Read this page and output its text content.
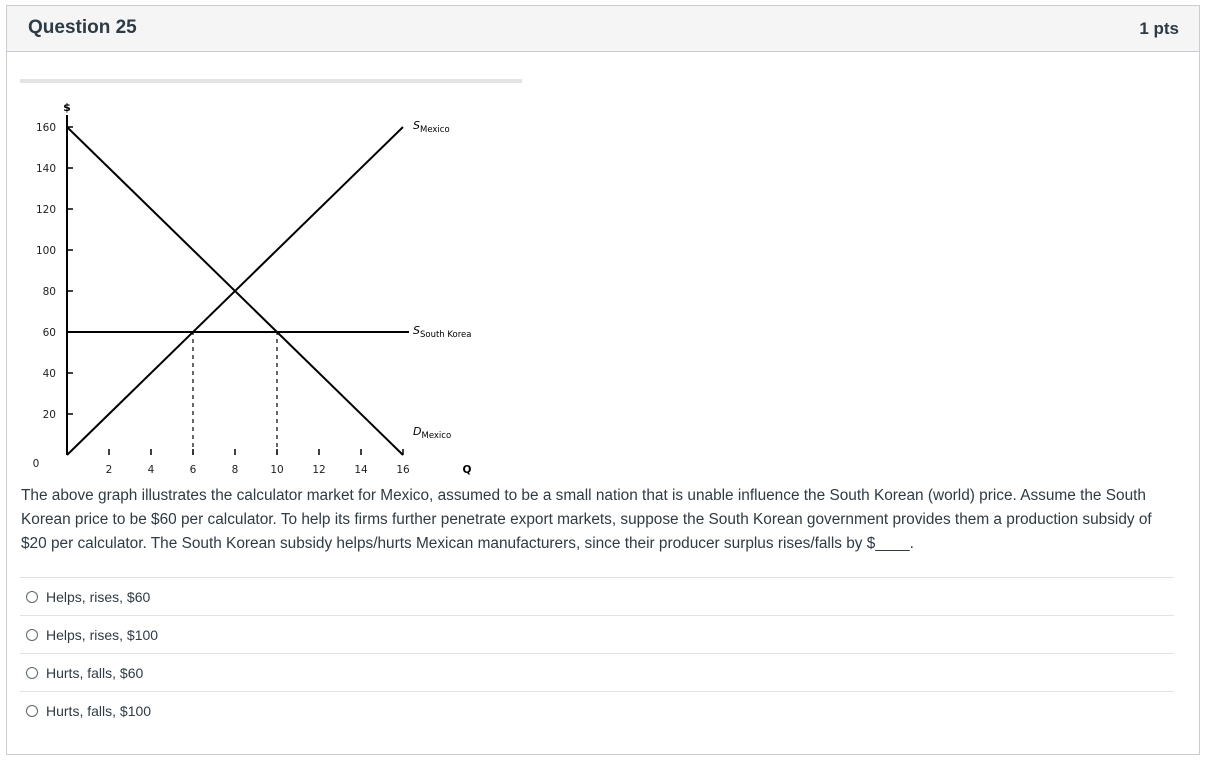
Question 25	1 pts
20
40
60
80
100
120
140
160
2	4	6	8	10	12	14	16
$
Q
0
$S_{Mexico}$
$S_{South Korea}$
$D_{Mexico}$
The above graph illustrates the calculator market for Mexico, assumed to be a small nation that is unable influence the South Korean (world) price. Assume the South Korean price to be $60 per calculator. To help its firms further penetrate export markets, suppose the South Korean government provides them a production subsidy of $20 per calculator. The South Korean subsidy helps/hurts Mexican manufacturers, since their producer surplus rises/falls by $____.
Helps, rises, $60
Helps, rises, $100
Hurts, falls, $60
Hurts, falls, $100
